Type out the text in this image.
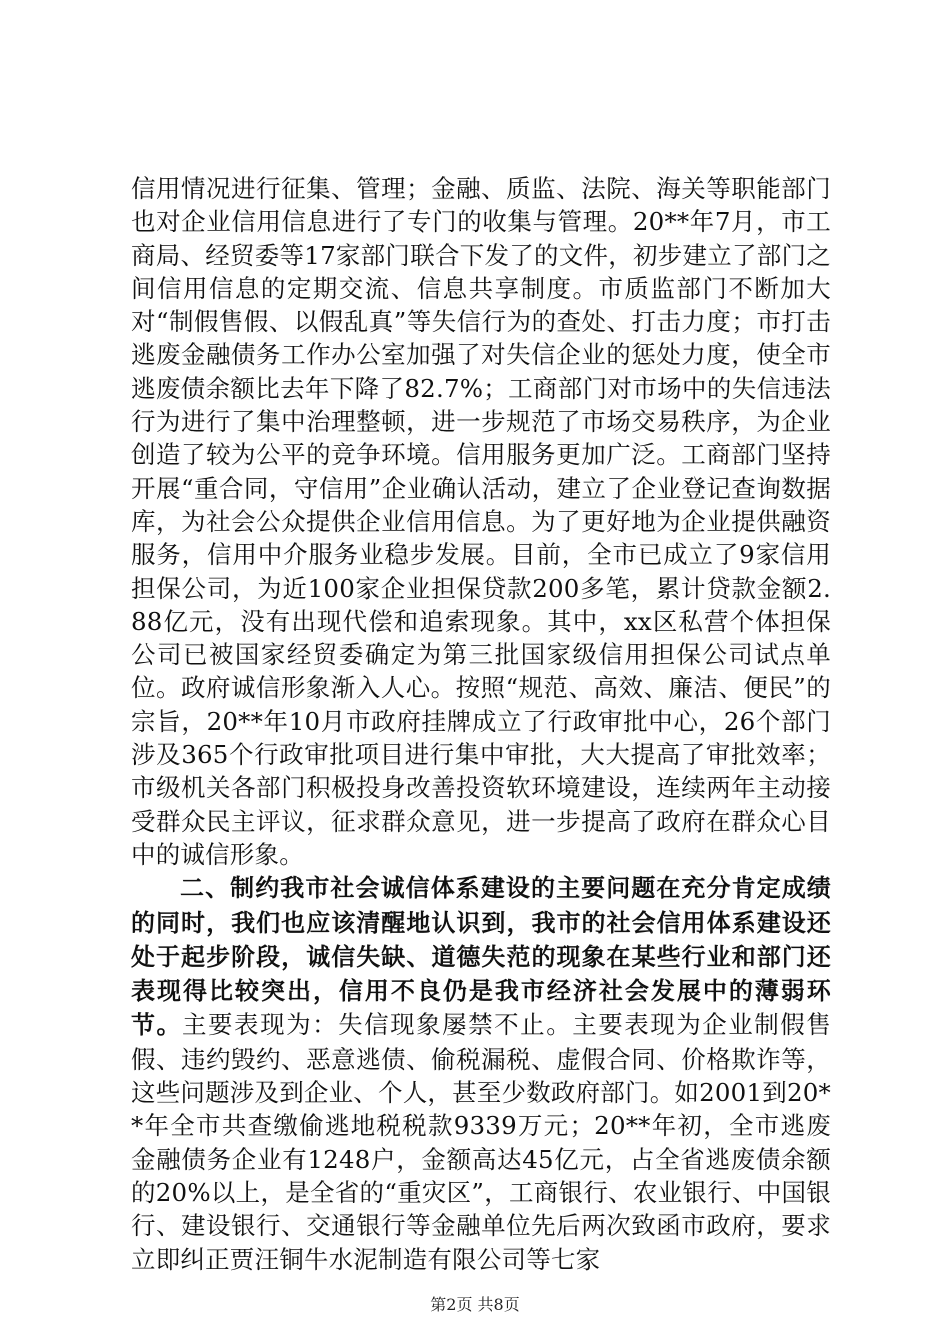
信用情况进行征集、管理；金融、质监、法院、海关等职能部门也对企业信用信息进行了专门的收集与管理。20**年7月，市工商局、经贸委等17家部门联合下发了的文件，初步建立了部门之间信用信息的定期交流、信息共享制度。市质监部门不断加大对“制假售假、以假乱真”等失信行为的查处、打击力度；市打击逃废金融债务工作办公室加强了对失信企业的惩处力度，使全市逃废债余额比去年下降了82.7%；工商部门对市场中的失信违法行为进行了集中治理整顿，进一步规范了市场交易秩序，为企业创造了较为公平的竞争环境。信用服务更加广泛。工商部门坚持开展“重合同，守信用”企业确认活动，建立了企业登记查询数据库，为社会公众提供企业信用信息。为了更好地为企业提供融资服务，信用中介服务业稳步发展。目前，全市已成立了9家信用担保公司，为近100家企业担保贷款200多笔，累计贷款金额2.88亿元，没有出现代偿和追索现象。其中，xx区私营个体担保公司已被国家经贸委确定为第三批国家级信用担保公司试点单位。政府诚信形象渐入人心。按照“规范、高效、廉洁、便民”的宗旨，20**年10月市政府挂牌成立了行政审批中心，26个部门涉及365个行政审批项目进行集中审批，大大提高了审批效率；市级机关各部门积极投身改善投资软环境建设，连续两年主动接受群众民主评议，征求群众意见，进一步提高了政府在群众心目中的诚信形象。

二、制约我市社会诚信体系建设的主要问题在充分肯定成绩的同时，我们也应该清醒地认识到，我市的社会信用体系建设还处于起步阶段，诚信失缺、道德失范的现象在某些行业和部门还表现得比较突出，信用不良仍是我市经济社会发展中的薄弱环节。主要表现为：失信现象屡禁不止。主要表现为企业制假售假、违约毁约、恶意逃债、偷税漏税、虚假合同、价格欺诈等，这些问题涉及到企业、个人，甚至少数政府部门。如2001到20**年全市共查缴偷逃地税税款9339万元；20**年初，全市逃废金融债务企业有1248户，金额高达45亿元，占全省逃废债余额的20%以上，是全省的“重灾区”，工商银行、农业银行、中国银行、建设银行、交通银行等金融单位先后两次致函市政府，要求立即纠正贾汪铜牛水泥制造有限公司等七家

第2页 共8页
